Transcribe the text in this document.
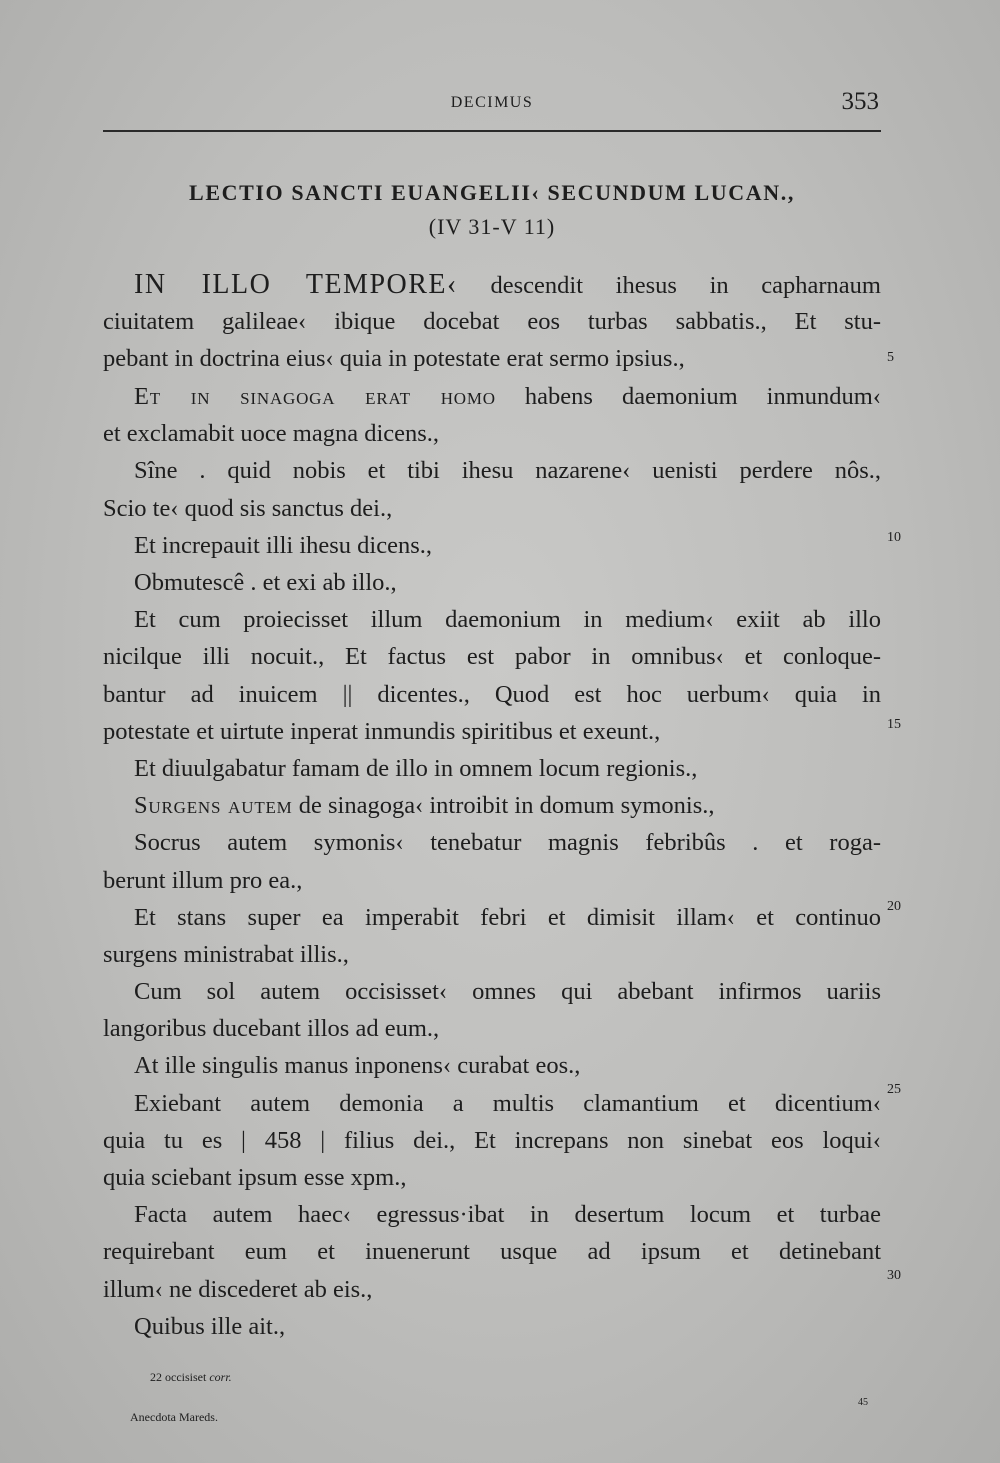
DECIMUS	353
LECTIO SANCTI EUANGELII‹ SECUNDUM LUCAN.,
(IV 31-V 11)
IN ILLO TEMPORE‹ descendit ihesus in capharnaum
ciuitatem galileae‹ ibique docebat eos turbas sabbatis., Et stu-
pebant in doctrina eius‹ quia in potestate erat sermo ipsius.,
Et in sinagoga erat homo habens daemonium inmundum‹
et exclamabit uoce magna dicens.,
Sîne . quid nobis et tibi ihesu nazarene‹ uenisti perdere nôs.,
Scio te‹ quod sis sanctus dei.,
Et increpauit illi ihesu dicens.,
Obmutescê . et exi ab illo.,
Et cum proiecisset illum daemonium in medium‹ exiit ab illo
nicilque illi nocuit., Et factus est pabor in omnibus‹ et conloque-
bantur ad inuicem || dicentes., Quod est hoc uerbum‹ quia in
potestate et uirtute inperat inmundis spiritibus et exeunt.,
Et diuulgabatur famam de illo in omnem locum regionis.,
Surgens autem de sinagoga‹ introibit in domum symonis.,
Socrus autem symonis‹ tenebatur magnis febribûs . et roga-
berunt illum pro ea.,
Et stans super ea imperabit febri et dimisit illam‹ et continuo
surgens ministrabat illis.,
Cum sol autem occisisset‹ omnes qui abebant infirmos uariis
langoribus ducebant illos ad eum.,
At ille singulis manus inponens‹ curabat eos.,
Exiebant autem demonia a multis clamantium et dicentium‹
quia tu es | 458 | filius dei., Et increpans non sinebat eos loqui‹
quia sciebant ipsum esse xpm.,
Facta autem haec‹ egressus·ibat in desertum locum et turbae
requirebant eum et inuenerunt usque ad ipsum et detinebant
illum‹ ne discederet ab eis.,
Quibus ille ait.,
5
10
15
20
25
30
22 occisiset corr.
Anecdota Mareds.
45
